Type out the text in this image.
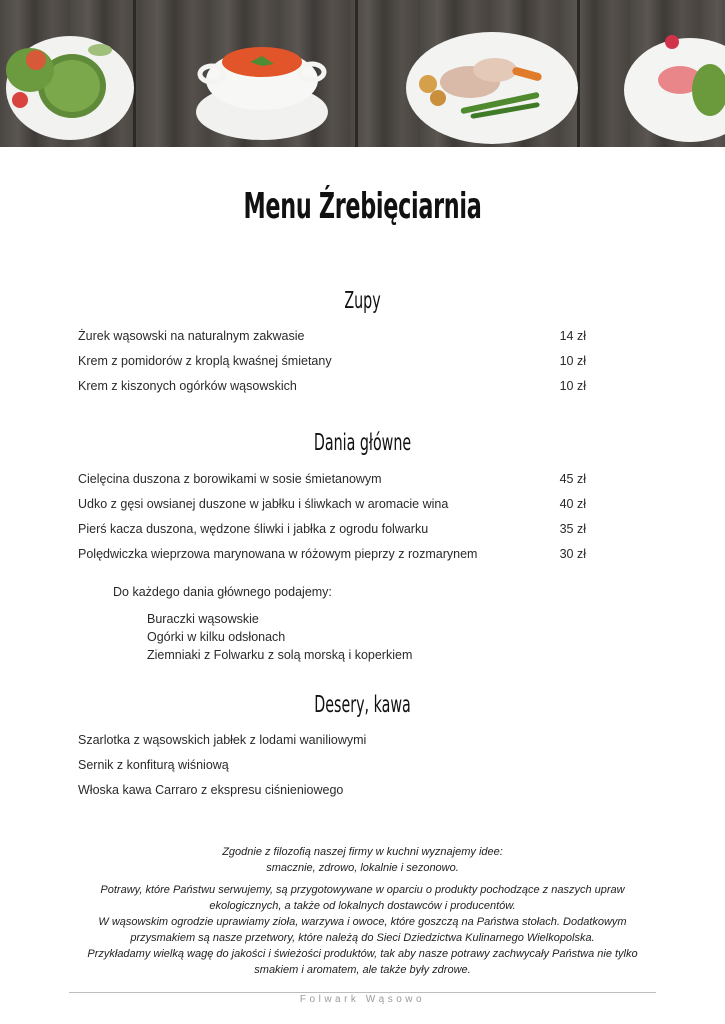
Menu Źrebięciarnia
Zupy
Żurek wąsowski na naturalnym zakwasie	14 zł
Krem z pomidorów z kroplą kwaśnej śmietany	10 zł
Krem z kiszonych ogórków wąsowskich	10 zł
Dania główne
Cielęcina duszona z borowikami w sosie śmietanowym	45 zł
Udko z gęsi owsianej duszone w jabłku i śliwkach w aromacie wina	40 zł
Pierś kacza duszona, wędzone śliwki i jabłka z ogrodu folwarku	35 zł
Polędwiczka wieprzowa marynowana w różowym pieprzy z rozmarynem	30 zł
Do każdego dania głównego podajemy:
Buraczki wąsowskie
Ogórki w kilku odsłonach
Ziemniaki z Folwarku z solą morską i koperkiem
Desery, kawa
Szarlotka z wąsowskich jabłek z lodami waniliowymi
Sernik z konfiturą wiśniową
Włoska kawa Carraro z ekspresu ciśnieniowego
Zgodnie z filozofią naszej firmy w kuchni wyznajemy idee:
smacznie, zdrowo, lokalnie i sezonowo.
Potrawy, które Państwu serwujemy, są przygotowywane w oparciu o produkty pochodzące z naszych upraw
ekologicznych, a także od lokalnych dostawców i producentów.
W wąsowskim ogrodzie uprawiamy zioła, warzywa i owoce, które goszczą na Państwa stołach. Dodatkowym
przysmakiem są nasze przetwory, które należą do Sieci Dziedzictwa Kulinarnego Wielkopolska.
Przykładamy wielką wagę do jakości i świeżości produktów, tak aby nasze potrawy zachwycały Państwa nie tylko
smakiem i aromatem, ale także były zdrowe.
Folwark Wąsowo
